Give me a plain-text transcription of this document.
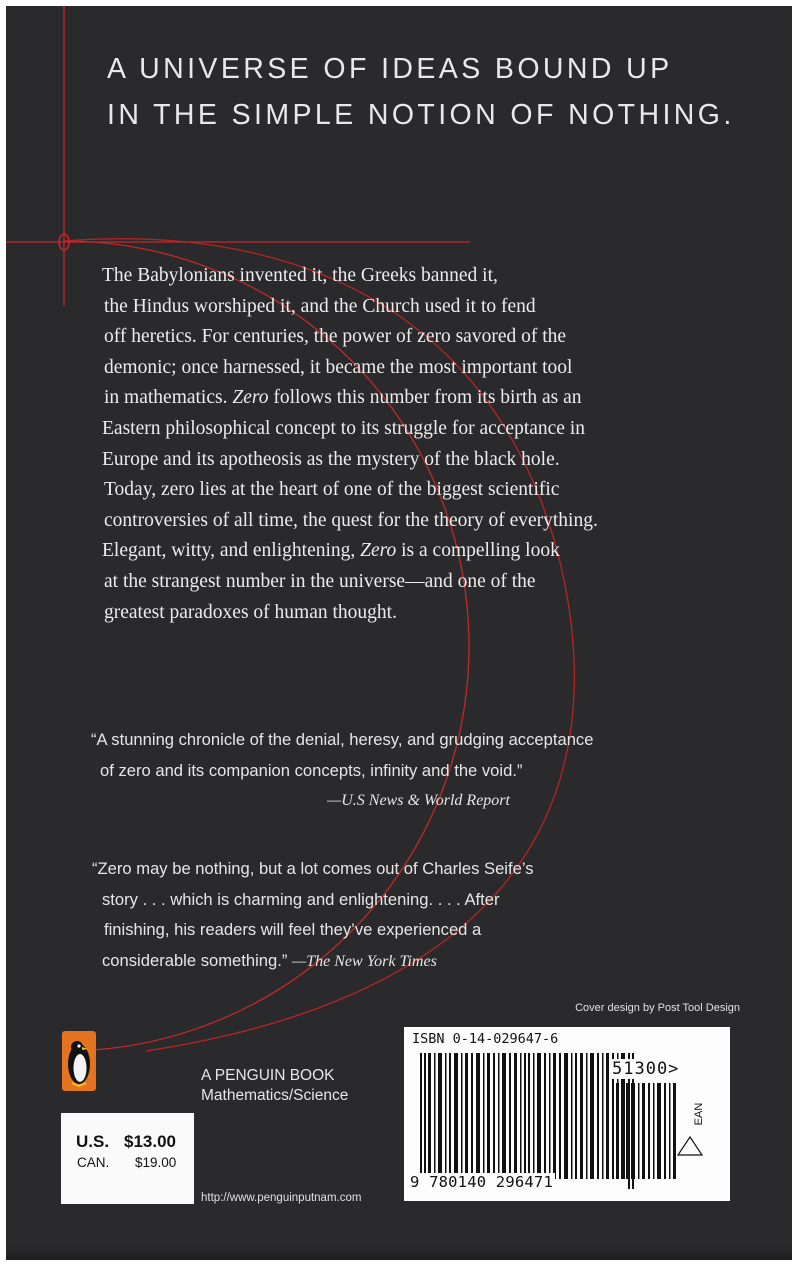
A UNIVERSE OF IDEAS BOUND UP
IN THE SIMPLE NOTION OF NOTHING.
The Babylonians invented it, the Greeks banned it,
the Hindus worshiped it, and the Church used it to fend
off heretics. For centuries, the power of zero savored of the
demonic; once harnessed, it became the most important tool
in mathematics. Zero follows this number from its birth as an
Eastern philosophical concept to its struggle for acceptance in
Europe and its apotheosis as the mystery of the black hole.
Today, zero lies at the heart of one of the biggest scientific
controversies of all time, the quest for the theory of everything.
Elegant, witty, and enlightening, Zero is a compelling look
at the strangest number in the universe—and one of the
greatest paradoxes of human thought.
“A stunning chronicle of the denial, heresy, and grudging acceptance
of zero and its companion concepts, infinity and the void.”
—U.S News & World Report
“Zero may be nothing, but a lot comes out of Charles Seife’s
story . . . which is charming and enlightening. . . . After
finishing, his readers will feel they’ve experienced a
considerable something.” —The New York Times
Cover design by Post Tool Design
A PENGUIN BOOK
Mathematics/Science
U.S. $13.00
CAN. $19.00
http://www.penguinputnam.com
ISBN 0-14-029647-6
51300>
EAN
9 780140 296471
